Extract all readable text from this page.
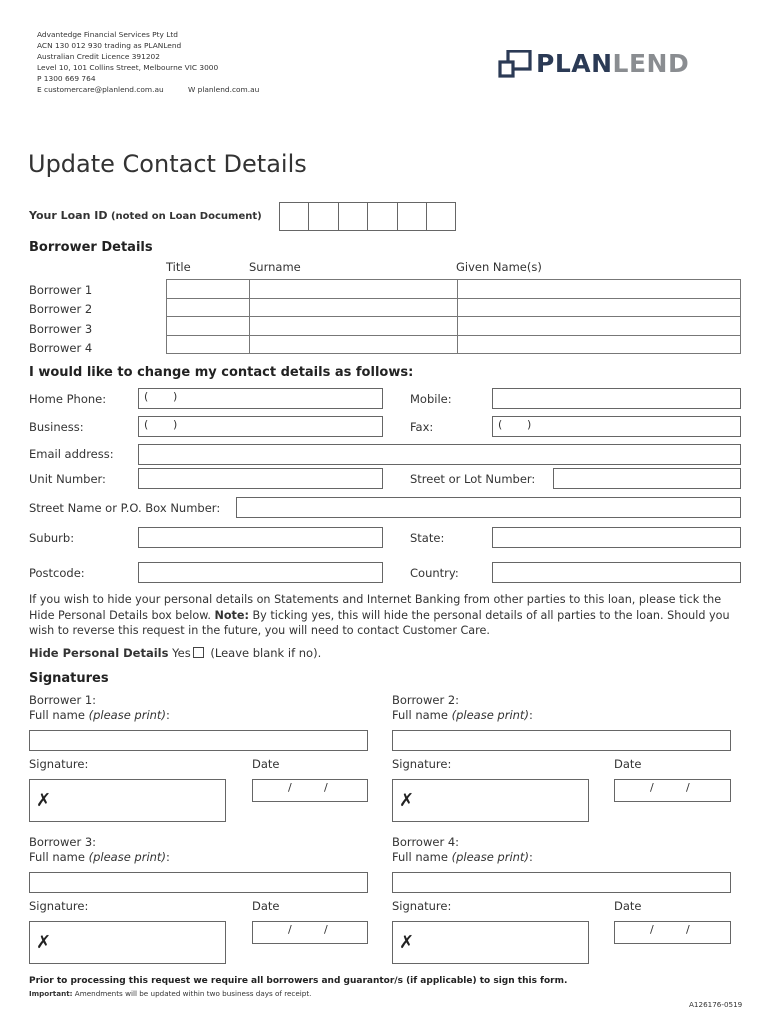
Advantedge Financial Services Pty Ltd
ACN 130 012 930 trading as PLANLend
Australian Credit Licence 391202
Level 10, 101 Collins Street, Melbourne VIC 3000
P 1300 669 764
E customercare@planlend.com.au	W planlend.com.au
PLANLEND
Update Contact Details
Your Loan ID (noted on Loan Document)
Borrower Details
Title	Surname	Given Name(s)
Borrower 1
Borrower 2
Borrower 3
Borrower 4

I would like to change my contact details as follows:
Home Phone:	( )	Mobile:
Business:	( )	Fax:	( )
Email address:
Unit Number:	Street or Lot Number:
Street Name or P.O. Box Number:
Suburb:	State:
Postcode:	Country:
If you wish to hide your personal details on Statements and Internet Banking from other parties to this loan, please tick the Hide Personal Details box below. Note: By ticking yes, this will hide the personal details of all parties to the loan. Should you wish to reverse this request in the future, you will need to contact Customer Care.
Hide Personal Details Yes (Leave blank if no).
Signatures
Borrower 1:
Full name (please print):
Signature:	Date
✗
/	/
Borrower 2:
Full name (please print):
Signature:	Date
✗
/	/
Borrower 3:
Full name (please print):
Signature:	Date
✗
/	/
Borrower 4:
Full name (please print):
Signature:	Date
✗
/	/
Prior to processing this request we require all borrowers and guarantor/s (if applicable) to sign this form.
Important: Amendments will be updated within two business days of receipt.
A126176-0519
